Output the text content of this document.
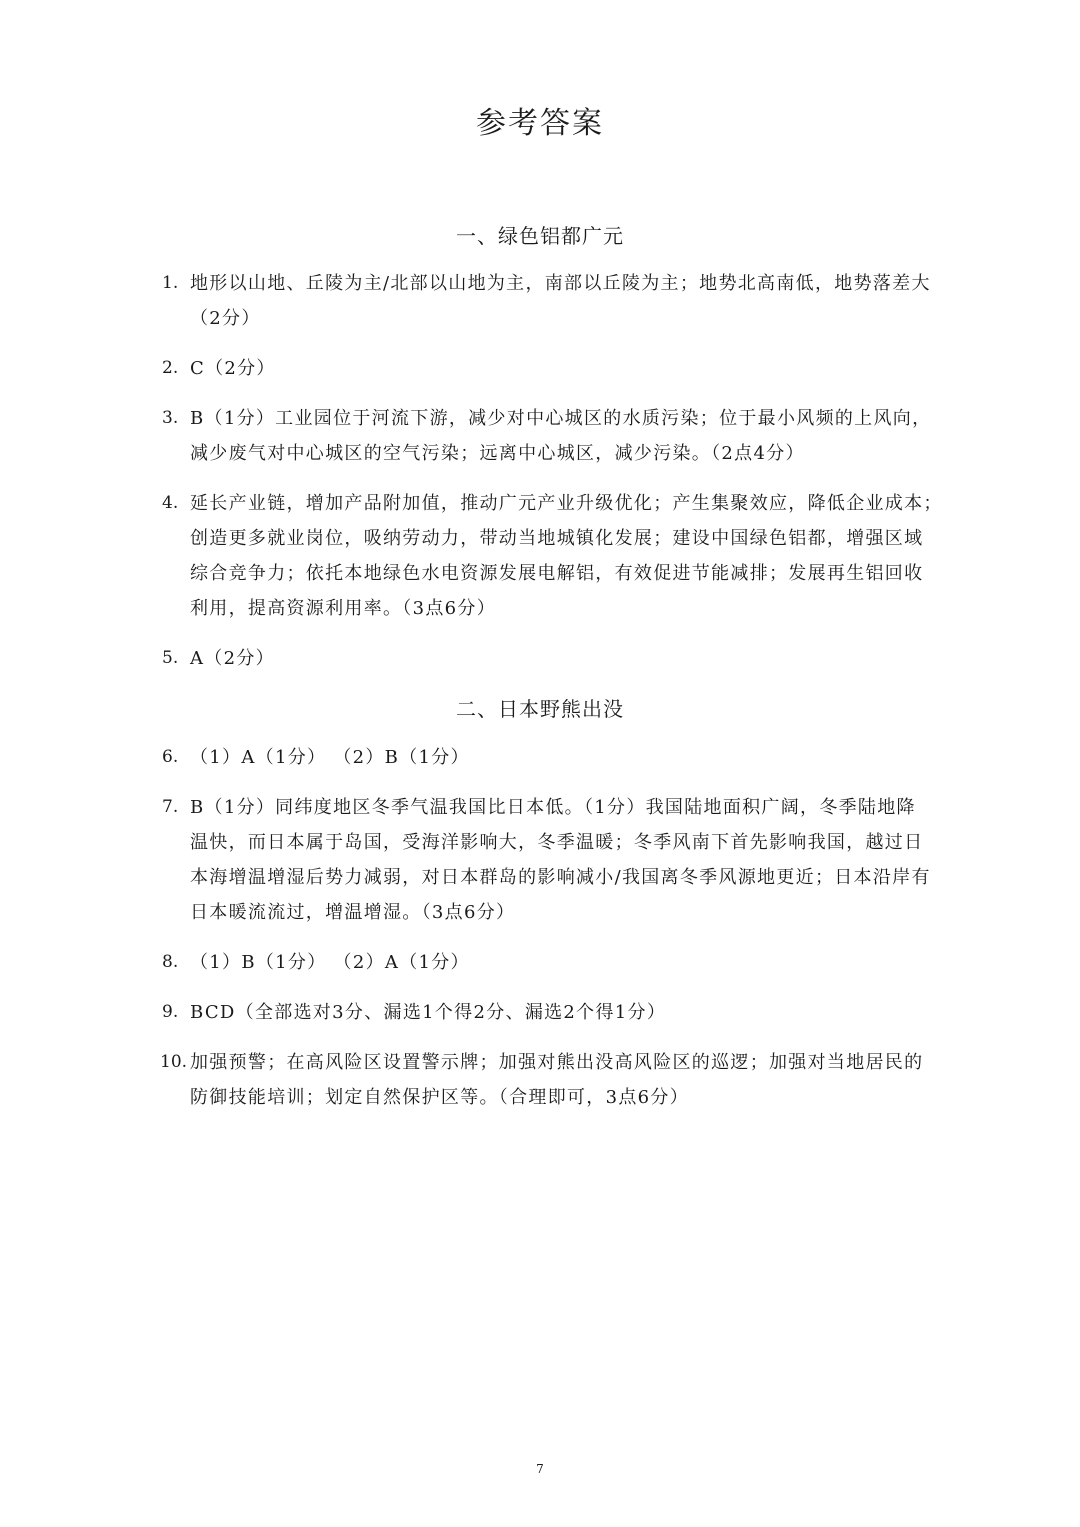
参考答案
一、绿色铝都广元
二、日本野熊出没
1. 地形以山地、丘陵为主/北部以山地为主，南部以丘陵为主；地势北高南低，地势落差大
（2分）
2. C（2分）
3. B（1分）工业园位于河流下游，减少对中心城区的水质污染；位于最小风频的上风向，
减少废气对中心城区的空气污染；远离中心城区，减少污染。（2点4分）
4. 延长产业链，增加产品附加值，推动广元产业升级优化；产生集聚效应，降低企业成本；
创造更多就业岗位，吸纳劳动力，带动当地城镇化发展；建设中国绿色铝都，增强区域
综合竞争力；依托本地绿色水电资源发展电解铝，有效促进节能减排；发展再生铝回收
利用，提高资源利用率。（3点6分）
5. A（2分）
6. （1）A（1分） （2）B（1分）
7. B（1分）同纬度地区冬季气温我国比日本低。（1分）我国陆地面积广阔，冬季陆地降
温快，而日本属于岛国，受海洋影响大，冬季温暖；冬季风南下首先影响我国，越过日
本海增温增湿后势力减弱，对日本群岛的影响减小/我国离冬季风源地更近；日本沿岸有
日本暖流流过，增温增湿。（3点6分）
8. （1）B（1分） （2）A（1分）
9. BCD（全部选对3分、漏选1个得2分、漏选2个得1分）
10. 加强预警；在高风险区设置警示牌；加强对熊出没高风险区的巡逻；加强对当地居民的
防御技能培训；划定自然保护区等。（合理即可，3点6分）
7
